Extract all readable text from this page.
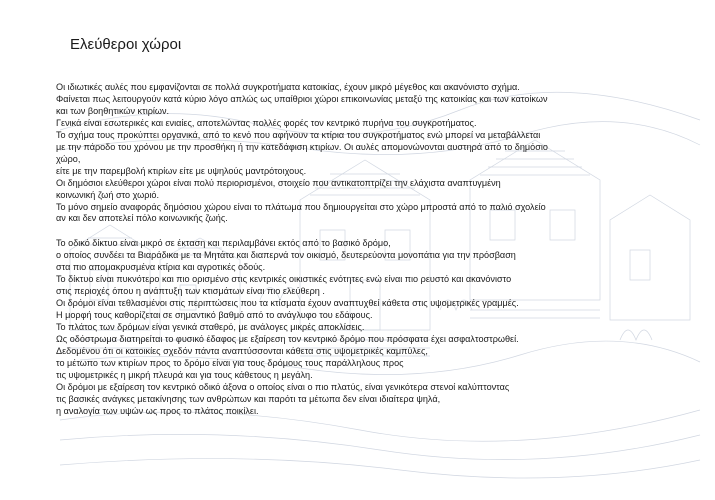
Ελεύθεροι χώροι
Οι ιδιωτικές αυλές που εμφανίζονται σε πολλά συγκροτήματα κατοικίας, έχουν μικρό μέγεθος και ακανόνιστο σχήμα.
Φαίνεται πως λειτουργούν κατά κύριο λόγο απλώς ως υπαίθριοι χώροι επικοινωνίας μεταξύ της κατοικίας και των κατοίκων
και των βοηθητικών κτιρίων.
Γενικά είναι εσωτερικές και ενιαίες, αποτελώντας πολλές φορές τον κεντρικό πυρήνα του συγκροτήματος.
Το σχήμα τους προκύπτει οργανικά, από το κενό που αφήνουν τα κτίρια του συγκροτήματος ενώ μπορεί να μεταβάλλεται
με την πάροδο του χρόνου με την προσθήκη ή την κατεδάφιση κτιρίων. Οι αυλές απομονώνονται αυστηρά από το δημόσιο
χώρο,
είτε με την παρεμβολή κτιρίων είτε με υψηλούς μαντρότοιχους.
Οι δημόσιοι ελεύθεροι χώροι είναι πολύ περιορισμένοι, στοιχείο που αντικατοπτρίζει την ελάχιστα αναπτυγμένη
κοινωνική ζωή στο χωριό.
Το μόνο σημείο αναφοράς δημόσιου χώρου είναι το πλάτωμα που δημιουργείται στο χώρο μπροστά από το παλιό σχολείο
αν και δεν αποτελεί πόλο κοινωνικής ζωής.
Το οδικό δίκτυο είναι μικρό σε έκταση και περιλαμβάνει εκτός από το βασικό δρόμο,
ο οποίος συνδέει τα Βιαράδικα με τα Μητάτα και διαπερνά τον οικισμό, δευτερεύοντα μονοπάτια για την πρόσβαση
στα πιο απομακρυσμένα κτίρια και αγροτικές οδούς.
Το δίκτυο είναι πυκνότερο και πιο ορισμένο στις κεντρικές οικιστικές ενότητες ενώ είναι πιο ρευστό και ακανόνιστο
στις περιοχές όπου η ανάπτυξη των κτισμάτων είναι πιο ελεύθερη .
Οι δρόμοι είναι τεθλασμένοι στις περιπτώσεις που τα κτίσματα έχουν αναπτυχθεί κάθετα στις υψομετρικές γραμμές.
Η μορφή τους καθορίζεται σε σημαντικό βαθμό από το ανάγλυφο του εδάφους.
Το πλάτος των δρόμων είναι γενικά σταθερό, με ανάλογες μικρές αποκλίσεις.
Ως οδόστρωμα διατηρείται το φυσικό έδαφος με εξαίρεση τον κεντρικό δρόμο που πρόσφατα έχει ασφαλτοστρωθεί.
Δεδομένου ότι οι κατοικίες σχεδόν πάντα αναπτύσσονται κάθετα στις υψομετρικές καμπύλες,
το μέτωπο των κτιρίων προς το δρόμο είναι για τους δρόμους τους παράλληλους προς
τις υψομετρικές η μικρή πλευρά και για τους κάθετους η μεγάλη.
Οι δρόμοι με εξαίρεση τον κεντρικό οδικό άξονα ο οποίος είναι ο πιο πλατύς, είναι γενικότερα στενοί καλύπτοντας
τις βασικές ανάγκες μετακίνησης των ανθρώπων και παρότι τα μέτωπα δεν είναι ιδιαίτερα ψηλά,
η αναλογία των υψών ως προς το πλάτος ποικίλει.
